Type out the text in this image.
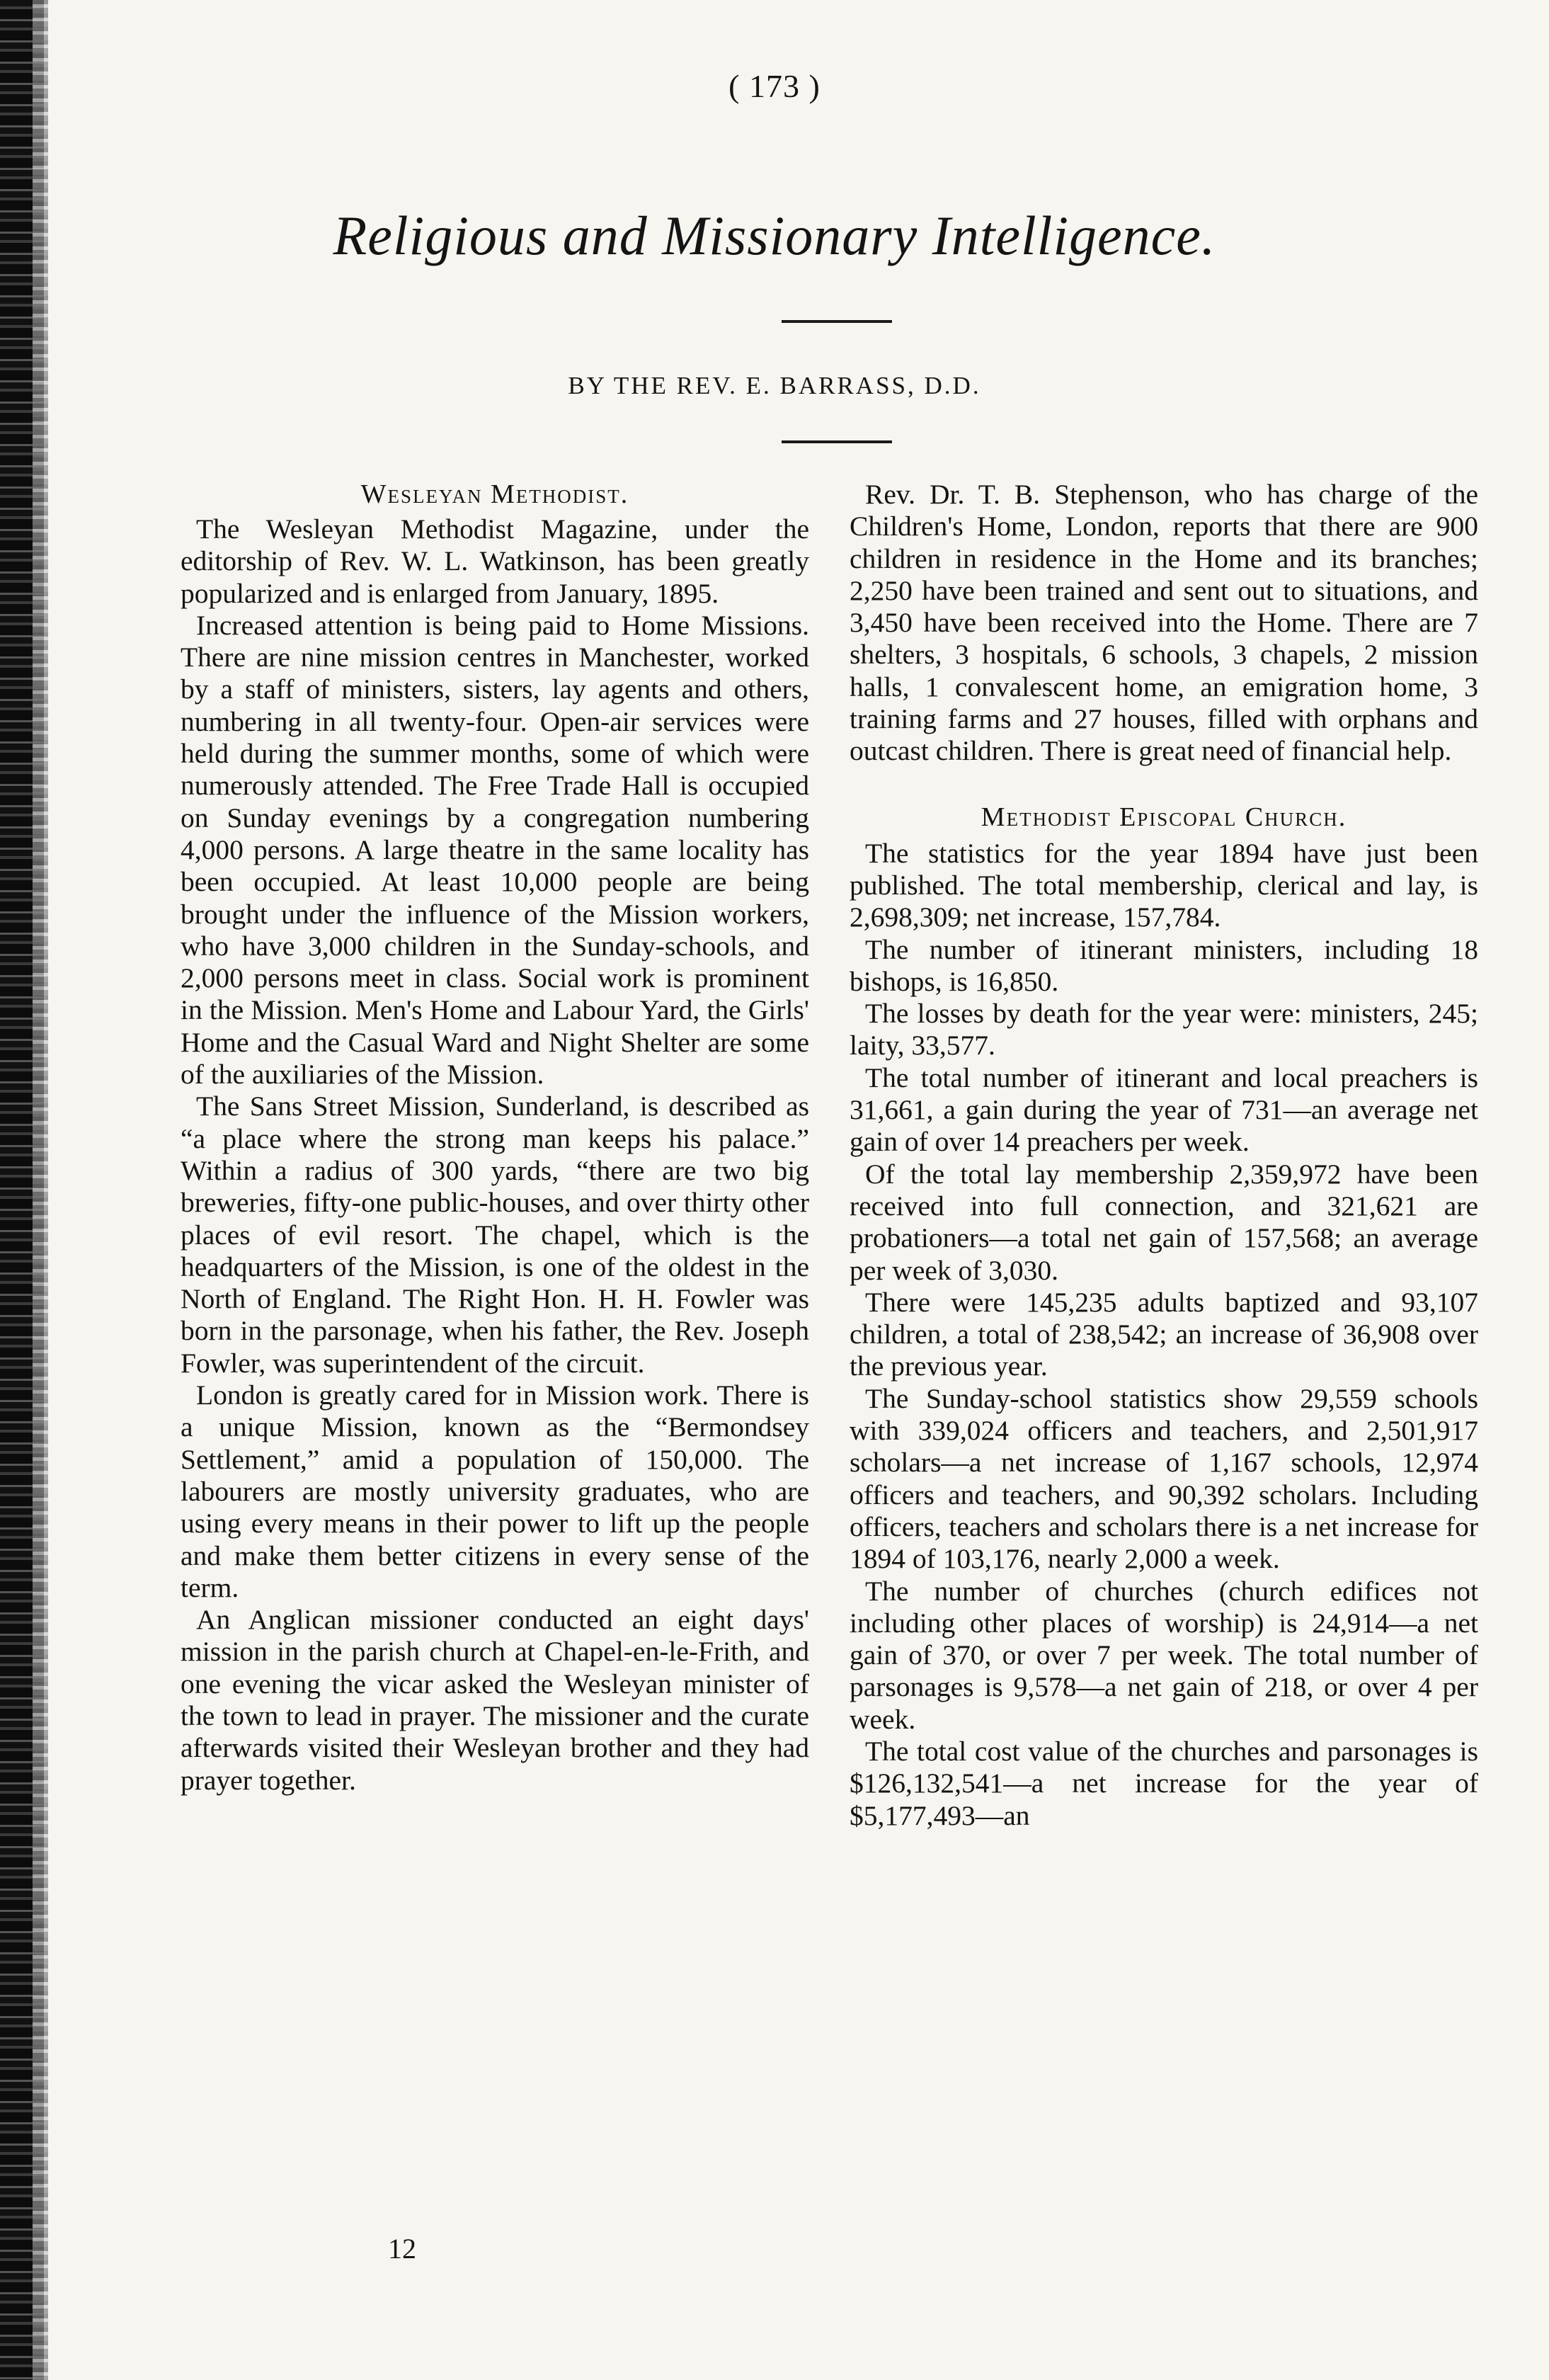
( 173 )
Religious and Missionary Intelligence.
BY THE REV. E. BARRASS, D.D.
Wesleyan Methodist.

The Wesleyan Methodist Magazine, under the editorship of Rev. W. L. Watkinson, has been greatly popularized and is enlarged from January, 1895.

Increased attention is being paid to Home Missions. There are nine mission centres in Manchester, worked by a staff of ministers, sisters, lay agents and others, numbering in all twenty-four. Open-air services were held during the summer months, some of which were numerously attended. The Free Trade Hall is occupied on Sunday evenings by a congregation numbering 4,000 persons. A large theatre in the same locality has been occupied. At least 10,000 people are being brought under the influence of the Mission workers, who have 3,000 children in the Sunday-schools, and 2,000 persons meet in class. Social work is prominent in the Mission. Men's Home and Labour Yard, the Girls' Home and the Casual Ward and Night Shelter are some of the auxiliaries of the Mission.

The Sans Street Mission, Sunderland, is described as “a place where the strong man keeps his palace.” Within a radius of 300 yards, “there are two big breweries, fifty-one public-houses, and over thirty other places of evil resort. The chapel, which is the headquarters of the Mission, is one of the oldest in the North of England. The Right Hon. H. H. Fowler was born in the parsonage, when his father, the Rev. Joseph Fowler, was superintendent of the circuit.

London is greatly cared for in Mission work. There is a unique Mission, known as the “Bermondsey Settlement,” amid a population of 150,000. The labourers are mostly university graduates, who are using every means in their power to lift up the people and make them better citizens in every sense of the term.

An Anglican missioner conducted an eight days' mission in the parish church at Chapel-en-le-Frith, and one evening the vicar asked the Wesleyan minister of the town to lead in prayer. The missioner and the curate afterwards visited their Wesleyan brother and they had prayer together.

Rev. Dr. T. B. Stephenson, who has charge of the Children's Home, London, reports that there are 900 children in residence in the Home and its branches; 2,250 have been trained and sent out to situations, and 3,450 have been received into the Home. There are 7 shelters, 3 hospitals, 6 schools, 3 chapels, 2 mission halls, 1 convalescent home, an emigration home, 3 training farms and 27 houses, filled with orphans and outcast children. There is great need of financial help.

Methodist Episcopal Church.

The statistics for the year 1894 have just been published. The total membership, clerical and lay, is 2,698,309; net increase, 157,784.

The number of itinerant ministers, including 18 bishops, is 16,850.

The losses by death for the year were: ministers, 245; laity, 33,577.

The total number of itinerant and local preachers is 31,661, a gain during the year of 731—an average net gain of over 14 preachers per week.

Of the total lay membership 2,359,972 have been received into full connection, and 321,621 are probationers—a total net gain of 157,568; an average per week of 3,030.

There were 145,235 adults baptized and 93,107 children, a total of 238,542; an increase of 36,908 over the previous year.

The Sunday-school statistics show 29,559 schools with 339,024 officers and teachers, and 2,501,917 scholars—a net increase of 1,167 schools, 12,974 officers and teachers, and 90,392 scholars. Including officers, teachers and scholars there is a net increase for 1894 of 103,176, nearly 2,000 a week.

The number of churches (church edifices not including other places of worship) is 24,914—a net gain of 370, or over 7 per week. The total number of parsonages is 9,578—a net gain of 218, or over 4 per week.

The total cost value of the churches and parsonages is $126,132,541—a net increase for the year of $5,177,493—an

12
